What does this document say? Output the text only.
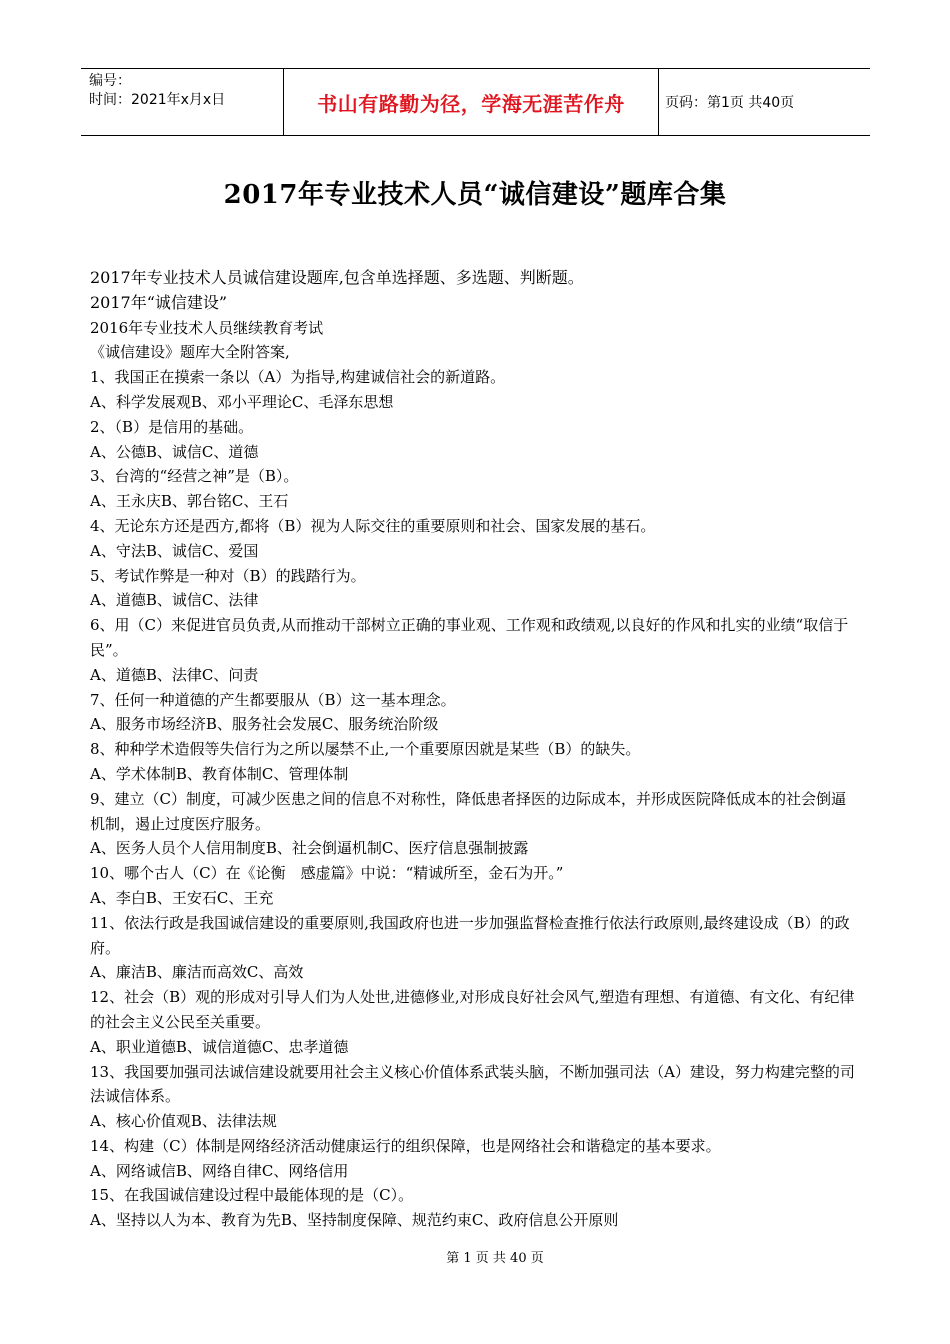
编号：
时间：2021年x月x日	书山有路勤为径，学海无涯苦作舟	页码：第1页 共40页
2017年专业技术人员“诚信建设”题库合集

2017年专业技术人员诚信建设题库,包含单选择题、多选题、判断题。

2017年“诚信建设”

2016年专业技术人员继续教育考试

《诚信建设》题库大全附答案,

1、我国正在摸索一条以（A）为指导,构建诚信社会的新道路。

A、科学发展观B、邓小平理论C、毛泽东思想

2、（B）是信用的基础。

A、公德B、诚信C、道德

3、台湾的“经营之神”是（B）。

A、王永庆B、郭台铭C、王石

4、无论东方还是西方,都将（B）视为人际交往的重要原则和社会、国家发展的基石。

A、守法B、诚信C、爱国

5、考试作弊是一种对（B）的践踏行为。

A、道德B、诚信C、法律

6、用（C）来促进官员负责,从而推动干部树立正确的事业观、工作观和政绩观,以良好的作风和扎实的业绩“取信于民”。

A、道德B、法律C、问责

7、任何一种道德的产生都要服从（B）这一基本理念。

A、服务市场经济B、服务社会发展C、服务统治阶级

8、种种学术造假等失信行为之所以屡禁不止,一个重要原因就是某些（B）的缺失。

A、学术体制B、教育体制C、管理体制

9、建立（C）制度，可减少医患之间的信息不对称性，降低患者择医的边际成本，并形成医院降低成本的社会倒逼机制，遏止过度医疗服务。

A、医务人员个人信用制度B、社会倒逼机制C、医疗信息强制披露

10、哪个古人（C）在《论衡　感虚篇》中说：“精诚所至，金石为开。”

A、李白B、王安石C、王充

11、依法行政是我国诚信建设的重要原则,我国政府也进一步加强监督检查推行依法行政原则,最终建设成（B）的政府。

A、廉洁B、廉洁而高效C、高效

12、社会（B）观的形成对引导人们为人处世,进德修业,对形成良好社会风气,塑造有理想、有道德、有文化、有纪律的社会主义公民至关重要。

A、职业道德B、诚信道德C、忠孝道德

13、我国要加强司法诚信建设就要用社会主义核心价值体系武装头脑，不断加强司法（A）建设，努力构建完整的司法诚信体系。

A、核心价值观B、法律法规

14、构建（C）体制是网络经济活动健康运行的组织保障，也是网络社会和谐稳定的基本要求。

A、网络诚信B、网络自律C、网络信用

15、在我国诚信建设过程中最能体现的是（C）。

A、坚持以人为本、教育为先B、坚持制度保障、规范约束C、政府信息公开原则

第 1 页 共 40 页
